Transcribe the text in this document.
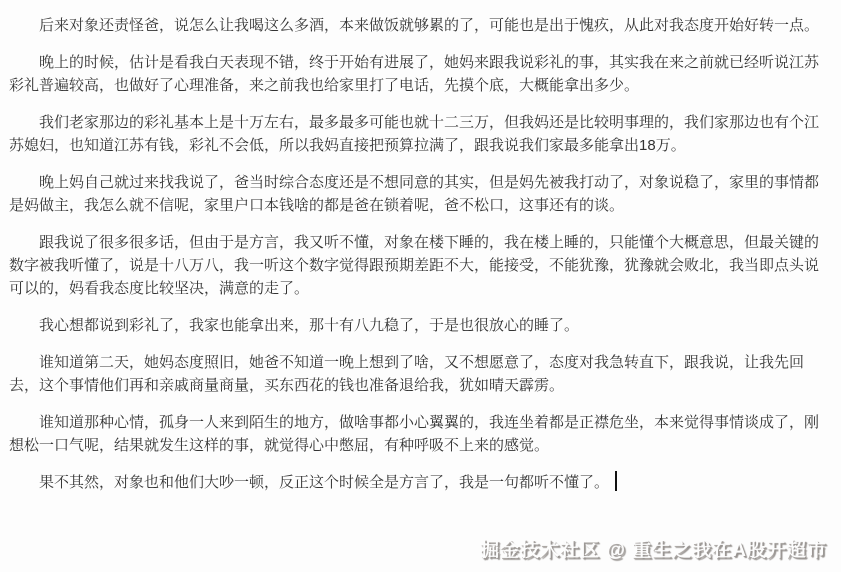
后来对象还责怪爸，说怎么让我喝这么多酒，本来做饭就够累的了，可能也是出于愧疚，从此对我态度开始好转一点。

晚上的时候，估计是看我白天表现不错，终于开始有进展了，她妈来跟我说彩礼的事，其实我在来之前就已经听说江苏
彩礼普遍较高，也做好了心理准备，来之前我也给家里打了电话，先摸个底，大概能拿出多少。

我们老家那边的彩礼基本上是十万左右，最多最多可能也就十二三万，但我妈还是比较明事理的，我们家那边也有个江
苏媳妇，也知道江苏有钱，彩礼不会低，所以我妈直接把预算拉满了，跟我说我们家最多能拿出18万。

晚上妈自己就过来找我说了，爸当时综合态度还是不想同意的其实，但是妈先被我打动了，对象说稳了，家里的事情都
是妈做主，我怎么就不信呢，家里户口本钱啥的都是爸在锁着呢，爸不松口，这事还有的谈。

跟我说了很多很多话，但由于是方言，我又听不懂，对象在楼下睡的，我在楼上睡的，只能懂个大概意思，但最关键的
数字被我听懂了，说是十八万八，我一听这个数字觉得跟预期差距不大，能接受，不能犹豫，犹豫就会败北，我当即点头说
可以的，妈看我态度比较坚决，满意的走了。

我心想都说到彩礼了，我家也能拿出来，那十有八九稳了，于是也很放心的睡了。

谁知道第二天，她妈态度照旧，她爸不知道一晚上想到了啥，又不想愿意了，态度对我急转直下，跟我说，让我先回
去，这个事情他们再和亲戚商量商量，买东西花的钱也准备退给我，犹如晴天霹雳。

谁知道那种心情，孤身一人来到陌生的地方，做啥事都小心翼翼的，我连坐着都是正襟危坐，本来觉得事情谈成了，刚
想松一口气呢，结果就发生这样的事，就觉得心中憋屈，有种呼吸不上来的感觉。

果不其然，对象也和他们大吵一顿，反正这个时候全是方言了，我是一句都听不懂了。

掘金技术社区 @ 重生之我在A股开超市
